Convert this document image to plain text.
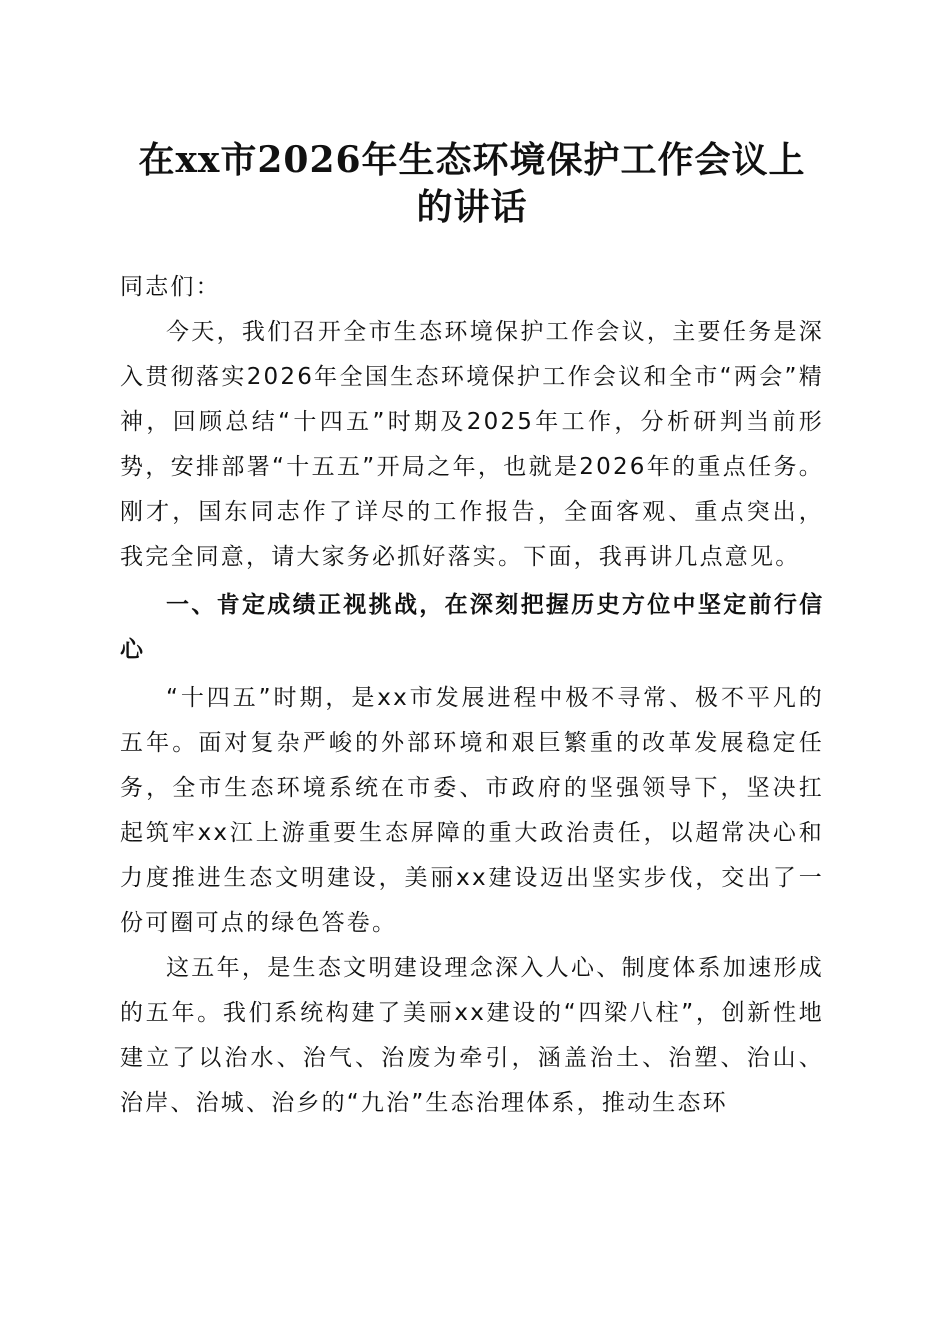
在xx市2026年生态环境保护工作会议上的讲话

同志们：

今天，我们召开全市生态环境保护工作会议，主要任务是深入贯彻落实2026年全国生态环境保护工作会议和全市“两会”精神，回顾总结“十四五”时期及2025年工作，分析研判当前形势，安排部署“十五五”开局之年，也就是2026年的重点任务。刚才，国东同志作了详尽的工作报告，全面客观、重点突出，我完全同意，请大家务必抓好落实。下面，我再讲几点意见。

一、肯定成绩正视挑战，在深刻把握历史方位中坚定前行信心

“十四五”时期，是xx市发展进程中极不寻常、极不平凡的五年。面对复杂严峻的外部环境和艰巨繁重的改革发展稳定任务，全市生态环境系统在市委、市政府的坚强领导下，坚决扛起筑牢xx江上游重要生态屏障的重大政治责任，以超常决心和力度推进生态文明建设，美丽xx建设迈出坚实步伐，交出了一份可圈可点的绿色答卷。

这五年，是生态文明建设理念深入人心、制度体系加速形成的五年。我们系统构建了美丽xx建设的“四梁八柱”，创新性地建立了以治水、治气、治废为牵引，涵盖治土、治塑、治山、治岸、治城、治乡的“九治”生态治理体系，推动生态环
